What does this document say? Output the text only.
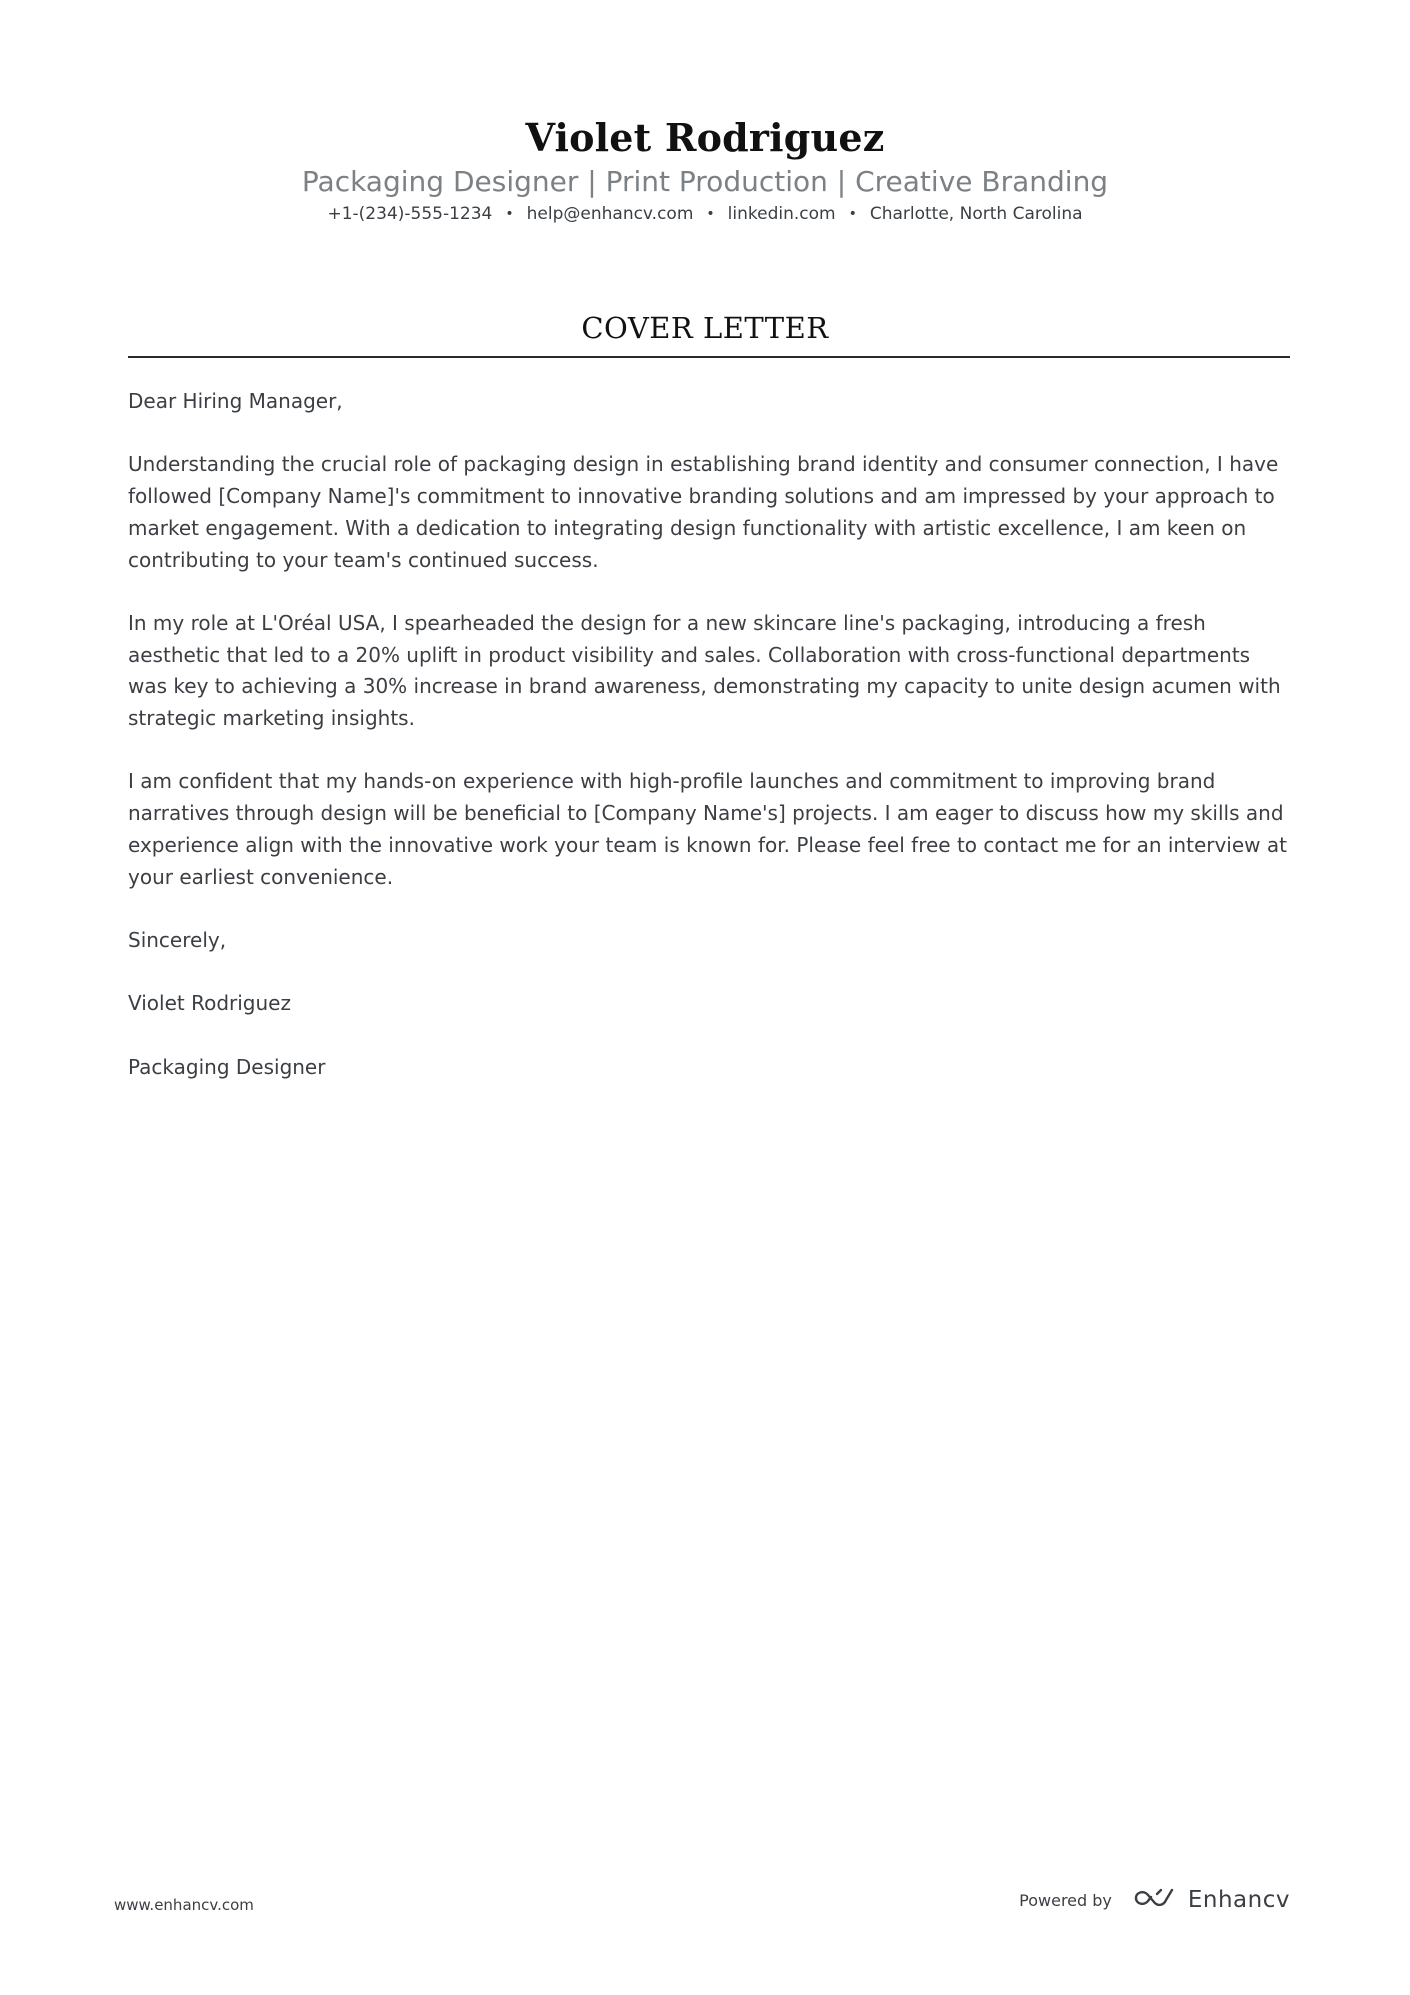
Violet Rodriguez
Packaging Designer | Print Production | Creative Branding
+1-(234)-555-1234 • help@enhancv.com • linkedin.com • Charlotte, North Carolina
COVER LETTER

Dear Hiring Manager,

Understanding the crucial role of packaging design in establishing brand identity and consumer connection, I have followed [Company Name]'s commitment to innovative branding solutions and am impressed by your approach to market engagement. With a dedication to integrating design functionality with artistic excellence, I am keen on contributing to your team's continued success.

In my role at L'Oréal USA, I spearheaded the design for a new skincare line's packaging, introducing a fresh aesthetic that led to a 20% uplift in product visibility and sales. Collaboration with cross-functional departments was key to achieving a 30% increase in brand awareness, demonstrating my capacity to unite design acumen with strategic marketing insights.

I am confident that my hands-on experience with high-profile launches and commitment to improving brand narratives through design will be beneficial to [Company Name's] projects. I am eager to discuss how my skills and experience align with the innovative work your team is known for. Please feel free to contact me for an interview at your earliest convenience.

Sincerely,

Violet Rodriguez

Packaging Designer

www.enhancv.com	Powered by	Enhancv
